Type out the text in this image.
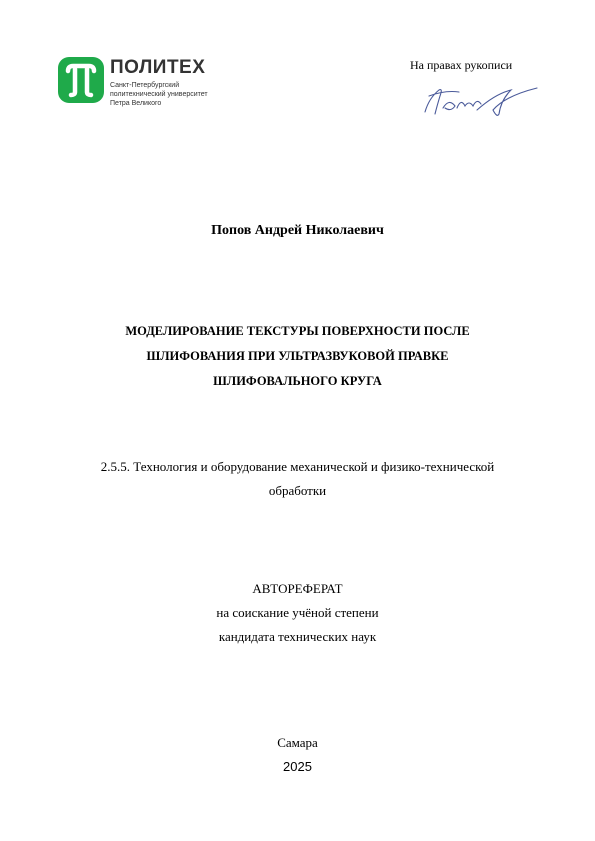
ПОЛИТЕХ
Санкт-Петербургский
политехнический университет
Петра Великого
На правах рукописи
Попов Андрей Николаевич
МОДЕЛИРОВАНИЕ ТЕКСТУРЫ ПОВЕРХНОСТИ ПОСЛЕ
ШЛИФОВАНИЯ ПРИ УЛЬТРАЗВУКОВОЙ ПРАВКЕ
ШЛИФОВАЛЬНОГО КРУГА
2.5.5. Технология и оборудование механической и физико-технической
обработки
АВТОРЕФЕРАТ
на соискание учёной степени
кандидата технических наук
Самара
2025
